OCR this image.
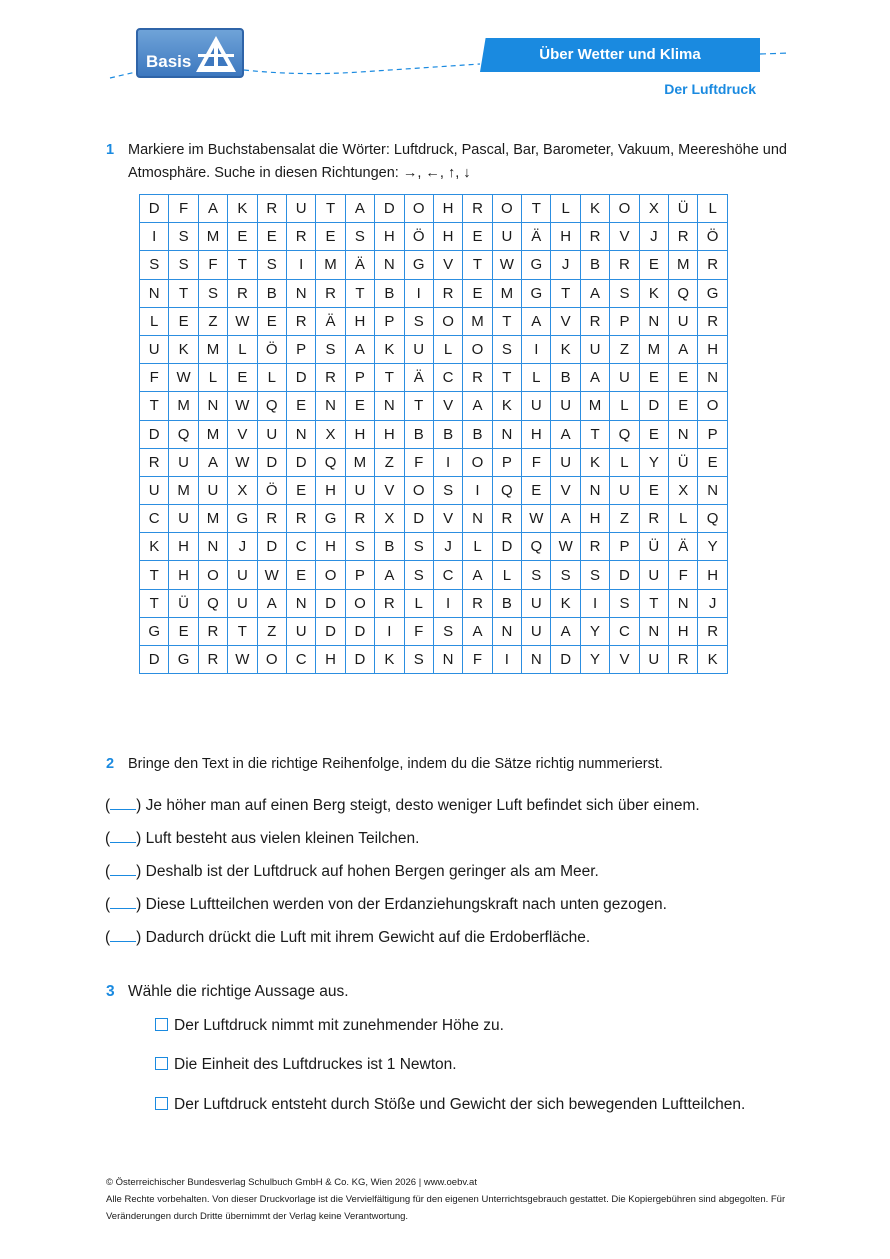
Basis	Über Wetter und Klima
Der Luftdruck
1 Markiere im Buchstabensalat die Wörter: Luftdruck, Pascal, Bar, Barometer, Vakuum, Meereshöhe und Atmosphäre. Suche in diesen Richtungen: →, ←, ↑, ↓
D	F	A	K	R	U	T	A	D	O	H	R	O	T	L	K	O	X	Ü	L
I	S	M	E	E	R	E	S	H	Ö	H	E	U	Ä	H	R	V	J	R	Ö
S	S	F	T	S	I	M	Ä	N	G	V	T	W	G	J	B	R	E	M	R
N	T	S	R	B	N	R	T	B	I	R	E	M	G	T	A	S	K	Q	G
L	E	Z	W	E	R	Ä	H	P	S	O	M	T	A	V	R	P	N	U	R
U	K	M	L	Ö	P	S	A	K	U	L	O	S	I	K	U	Z	M	A	H
F	W	L	E	L	D	R	P	T	Ä	C	R	T	L	B	A	U	E	E	N
T	M	N	W	Q	E	N	E	N	T	V	A	K	U	U	M	L	D	E	O
D	Q	M	V	U	N	X	H	H	B	B	B	N	H	A	T	Q	E	N	P
R	U	A	W	D	D	Q	M	Z	F	I	O	P	F	U	K	L	Y	Ü	E
U	M	U	X	Ö	E	H	U	V	O	S	I	Q	E	V	N	U	E	X	N
C	U	M	G	R	R	G	R	X	D	V	N	R	W	A	H	Z	R	L	Q
K	H	N	J	D	C	H	S	B	S	J	L	D	Q	W	R	P	Ü	Ä	Y
T	H	O	U	W	E	O	P	A	S	C	A	L	S	S	S	D	U	F	H
T	Ü	Q	U	A	N	D	O	R	L	I	R	B	U	K	I	S	T	N	J
G	E	R	T	Z	U	D	D	I	F	S	A	N	U	A	Y	C	N	H	R
D	G	R	W	O	C	H	D	K	S	N	F	I	N	D	Y	V	U	R	K
2 Bringe den Text in die richtige Reihenfolge, indem du die Sätze richtig nummerierst.
( ) Je höher man auf einen Berg steigt, desto weniger Luft befindet sich über einem.
( ) Luft besteht aus vielen kleinen Teilchen.
( ) Deshalb ist der Luftdruck auf hohen Bergen geringer als am Meer.
( ) Diese Luftteilchen werden von der Erdanziehungskraft nach unten gezogen.
( ) Dadurch drückt die Luft mit ihrem Gewicht auf die Erdoberfläche.
3 Wähle die richtige Aussage aus.
Der Luftdruck nimmt mit zunehmender Höhe zu.
Die Einheit des Luftdruckes ist 1 Newton.
Der Luftdruck entsteht durch Stöße und Gewicht der sich bewegenden Luftteilchen.
© Österreichischer Bundesverlag Schulbuch GmbH & Co. KG, Wien 2026 | www.oebv.at
Alle Rechte vorbehalten. Von dieser Druckvorlage ist die Vervielfältigung für den eigenen Unterrichtsgebrauch gestattet. Die Kopiergebühren sind abgegolten. Für Veränderungen durch Dritte übernimmt der Verlag keine Verantwortung.
